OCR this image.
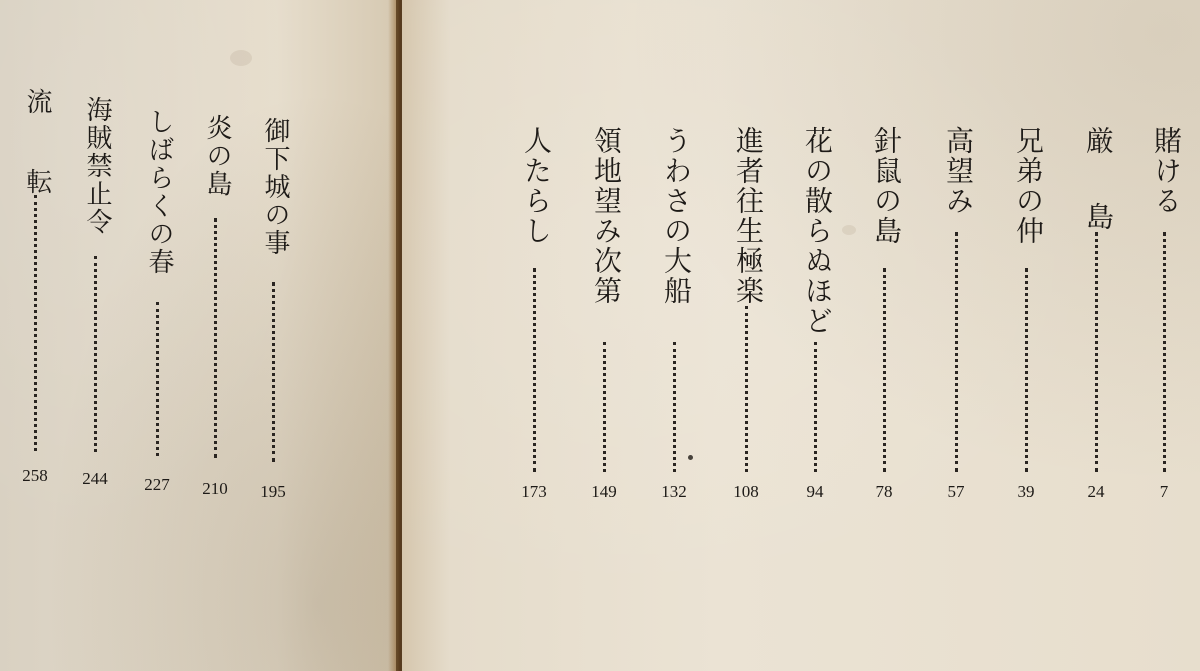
御下城の事
195
炎の島
210
しばらくの春
227
海賊禁止令
244
流　転
258
賭ける
7
厳　島
24
兄弟の仲
39
高望み
57
針鼠の島
78
花の散らぬほど
94
進者往生極楽
108
うわさの大船
132
領地望み次第
149
人たらし
173
